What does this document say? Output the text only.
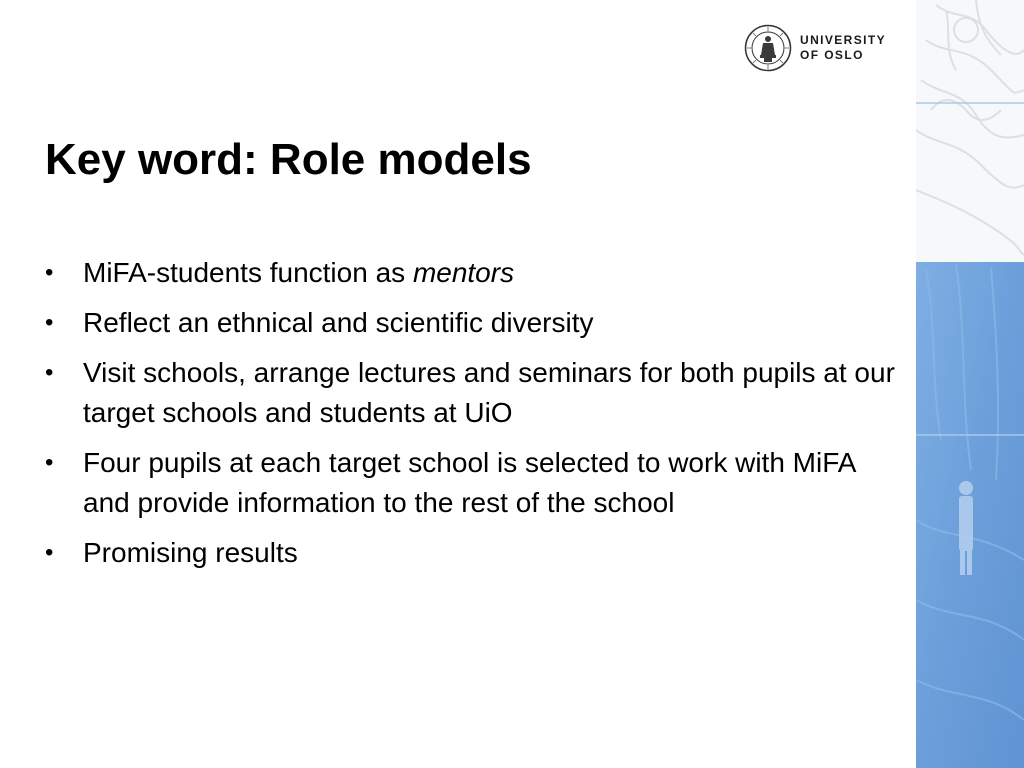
UNIVERSITY
OF OSLO
Key word: Role models
• MiFA-students function as mentors
• Reflect an ethnical and scientific diversity
• Visit schools, arrange lectures and seminars for both pupils at our target schools and students at UiO
• Four pupils at each target school is selected to work with MiFA and provide information to the rest of the school
• Promising results
